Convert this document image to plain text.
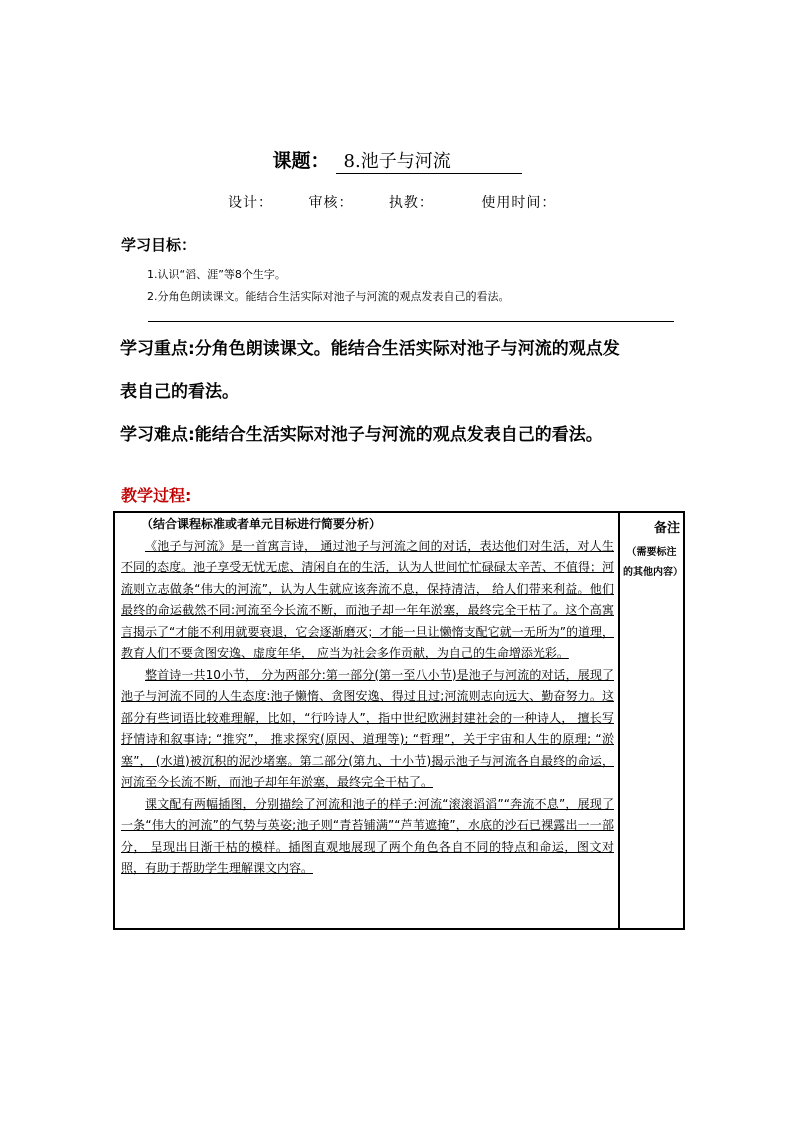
课题： 8.池子与河流
设计：	审核：	执教：	使用时间：
学习目标：
1.认识“滔、涯”等8个生字。
2.分角色朗读课文。能结合生活实际对池子与河流的观点发表自己的看法。
学习重点:分角色朗读课文。能结合生活实际对池子与河流的观点发
表自己的看法。
学习难点:能结合生活实际对池子与河流的观点发表自己的看法。
教学过程:

（结合课程标准或者单元目标进行简要分析）

《池子与河流》是一首寓言诗， 通过池子与河流之间的对话，表达他们对生活，对人生不同的态度。池子享受无忧无虑、清闲自在的生活，认为人世间忙忙碌碌太辛苦、不值得；河流则立志做条“伟大的河流”，认为人生就应该奔流不息，保持清洁， 给人们带来利益。他们最终的命运截然不同:河流至今长流不断，而池子却一年年淤塞，最终完全干枯了。这个高寓言揭示了“才能不利用就要衰退，它会逐渐磨灭；才能一旦让懒惰支配它就一无所为”的道理，教育人们不要贪图安逸、虚度年华， 应当为社会多作贡献，为自己的生命增添光彩。

整首诗一共10小节， 分为两部分:第一部分(第一至八小节)是池子与河流的对话，展现了池子与河流不同的人生态度:池子懒惰、贪图安逸、得过且过;河流则志向远大、勤奋努力。这部分有些词语比较难理解，比如，“行吟诗人”，指中世纪欧洲封建社会的一种诗人， 擅长写抒情诗和叙事诗; “推究”， 推求探究(原因、道理等); “哲理”，关于宇宙和人生的原理; “淤塞”， (水道)被沉积的泥沙堵塞。第二部分(第九、十小节)揭示池子与河流各自最终的命运，河流至今长流不断，而池子却年年淤塞，最终完全干枯了。

课文配有两幅插图，分别描绘了河流和池子的样子:河流“滚滚滔滔”“奔流不息”，展现了一条“伟大的河流”的气势与英姿;池子则“青苔铺满”“芦苇遮掩”，水底的沙石已裸露出一一部分， 呈现出日渐干枯的模样。插图直观地展现了两个角色各自不同的特点和命运，图文对照，有助于帮助学生理解课文内容。

备注
（需要标注的其他内容）
